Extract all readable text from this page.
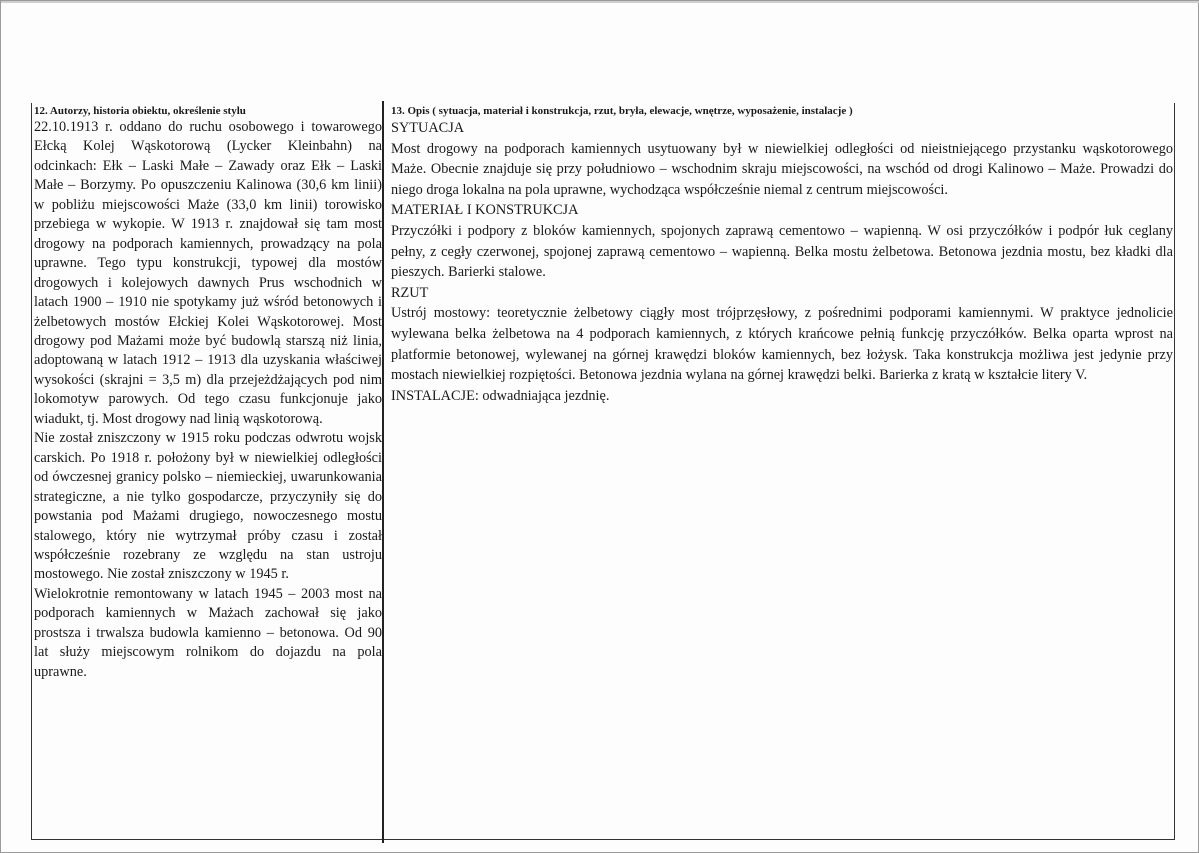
12. Autorzy, historia obiektu, określenie stylu

22.10.1913 r. oddano do ruchu osobowego i towarowego Ełcką Kolej Wąskotorową (Lycker Kleinbahn) na odcinkach: Ełk – Laski Małe – Zawady oraz Ełk – Laski Małe – Borzymy. Po opuszczeniu Kalinowa (30,6 km linii) w pobliżu miejscowości Maże (33,0 km linii) torowisko przebiega w wykopie. W 1913 r. znajdował się tam most drogowy na podporach kamiennych, prowadzący na pola uprawne. Tego typu konstrukcji, typowej dla mostów drogowych i kolejowych dawnych Prus wschodnich w latach 1900 – 1910 nie spotykamy już wśród betonowych i żelbetowych mostów Ełckiej Kolei Wąskotorowej. Most drogowy pod Mażami może być budowlą starszą niż linia, adoptowaną w latach 1912 – 1913 dla uzyskania właściwej wysokości (skrajni = 3,5 m) dla przejeżdżających pod nim lokomotyw parowych. Od tego czasu funkcjonuje jako wiadukt, tj. Most drogowy nad linią wąskotorową.

Nie został zniszczony w 1915 roku podczas odwrotu wojsk carskich. Po 1918 r. położony był w niewielkiej odległości od ówczesnej granicy polsko – niemieckiej, uwarunkowania strategiczne, a nie tylko gospodarcze, przyczyniły się do powstania pod Mażami drugiego, nowoczesnego mostu stalowego, który nie wytrzymał próby czasu i został współcześnie rozebrany ze względu na stan ustroju mostowego. Nie został zniszczony w 1945 r.

Wielokrotnie remontowany w latach 1945 – 2003 most na podporach kamiennych w Mażach zachował się jako prostsza i trwalsza budowla kamienno – betonowa. Od 90 lat służy miejscowym rolnikom do dojazdu na pola uprawne.

13. Opis ( sytuacja, materiał i konstrukcja, rzut, bryła, elewacje, wnętrze, wyposażenie, instalacje )

SYTUACJA

Most drogowy na podporach kamiennych usytuowany był w niewielkiej odległości od nieistniejącego przystanku wąskotorowego Maże. Obecnie znajduje się przy południowo – wschodnim skraju miejscowości, na wschód od drogi Kalinowo – Maże. Prowadzi do niego droga lokalna na pola uprawne, wychodząca współcześnie niemal z centrum miejscowości.

MATERIAŁ I KONSTRUKCJA

Przyczółki i podpory z bloków kamiennych, spojonych zaprawą cementowo – wapienną. W osi przyczółków i podpór łuk ceglany pełny, z cegły czerwonej, spojonej zaprawą cementowo – wapienną. Belka mostu żelbetowa. Betonowa jezdnia mostu, bez kładki dla pieszych. Barierki stalowe.

RZUT

Ustrój mostowy: teoretycznie żelbetowy ciągły most trójprzęsłowy, z pośrednimi podporami kamiennymi. W praktyce jednolicie wylewana belka żelbetowa na 4 podporach kamiennych, z których krańcowe pełnią funkcję przyczółków. Belka oparta wprost na platformie betonowej, wylewanej na górnej krawędzi bloków kamiennych, bez łożysk. Taka konstrukcja możliwa jest jedynie przy mostach niewielkiej rozpiętości. Betonowa jezdnia wylana na górnej krawędzi belki. Barierka z kratą w kształcie litery V.

INSTALACJE: odwadniająca jezdnię.
